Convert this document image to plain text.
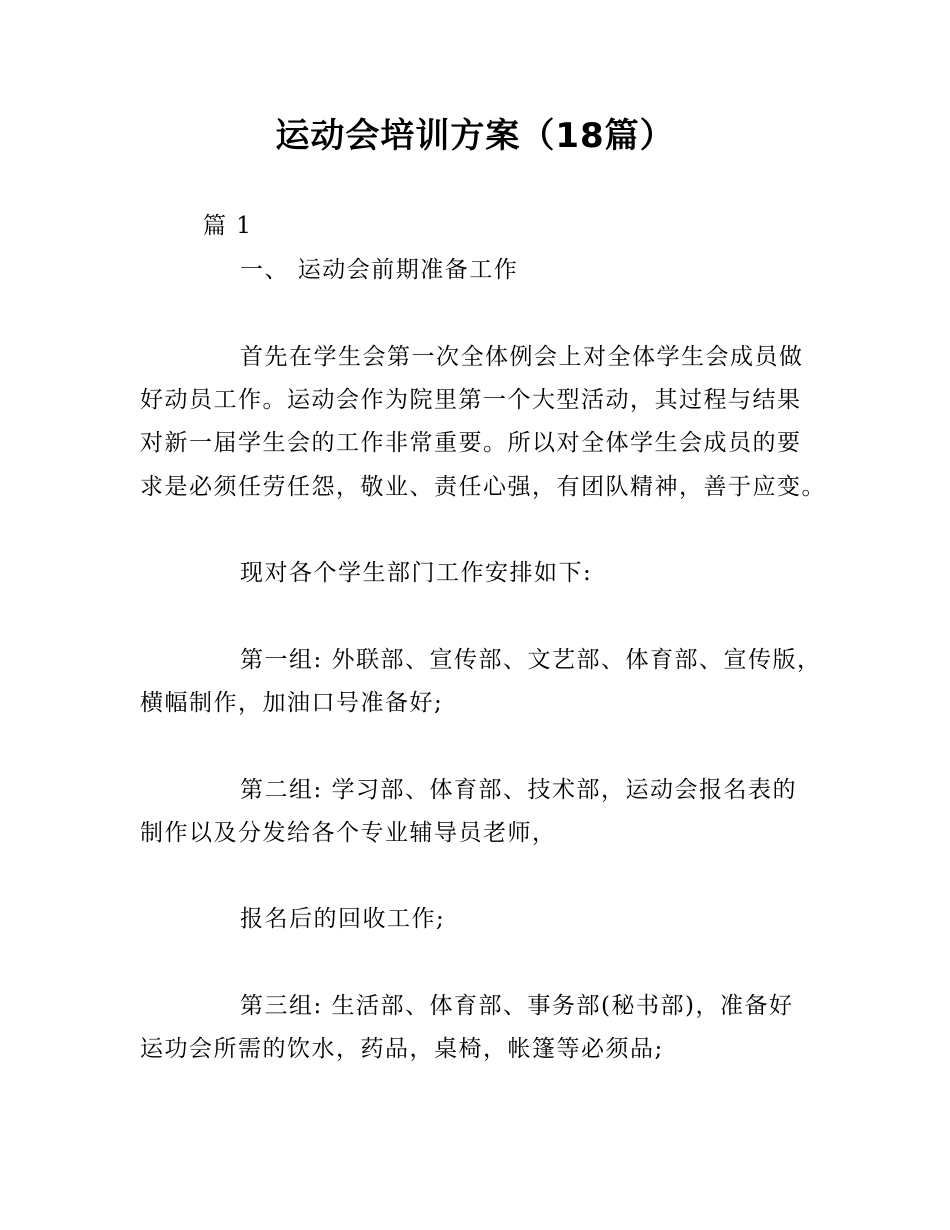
运动会培训方案（18篇）
篇 1
一、 运动会前期准备工作
首先在学生会第一次全体例会上对全体学生会成员做
好动员工作。运动会作为院里第一个大型活动，其过程与结果
对新一届学生会的工作非常重要。所以对全体学生会成员的要
求是必须任劳任怨，敬业、责任心强，有团队精神，善于应变。
现对各个学生部门工作安排如下:
第一组: 外联部、宣传部、文艺部、体育部、宣传版，
横幅制作，加油口号准备好;
第二组: 学习部、体育部、技术部，运动会报名表的
制作以及分发给各个专业辅导员老师，
报名后的回收工作;
第三组: 生活部、体育部、事务部(秘书部)，准备好
运功会所需的饮水，药品，桌椅，帐篷等必须品;
